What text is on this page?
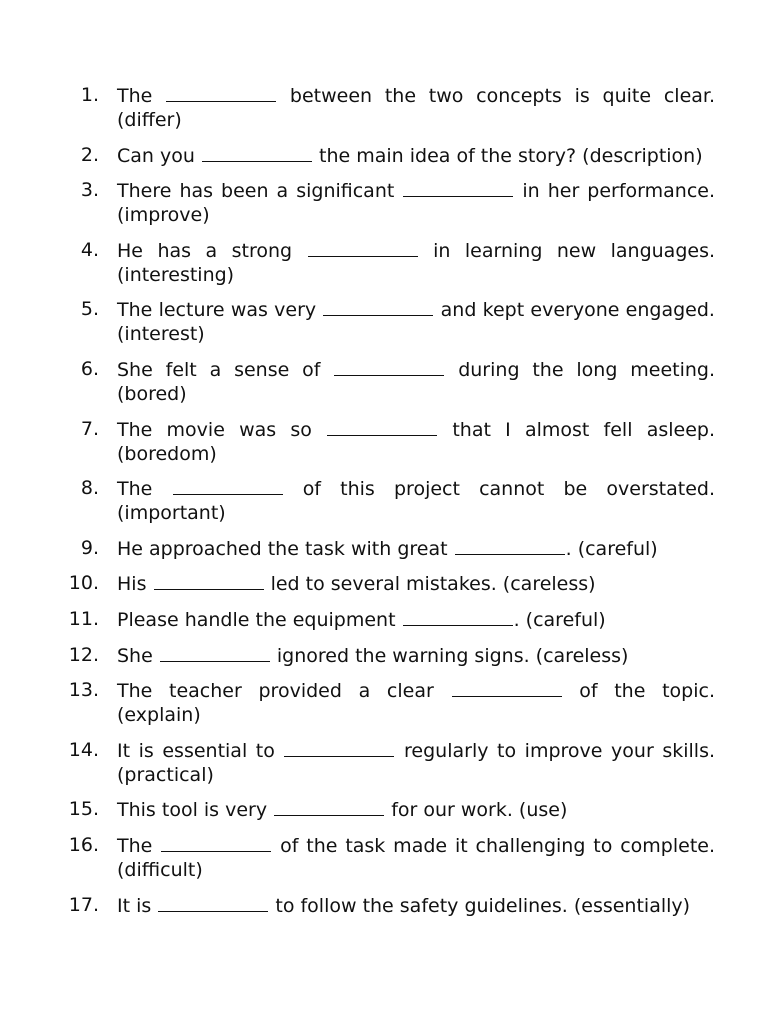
1. The	between the two concepts is quite clear. (differ)
2. Can you	the main idea of the story? (description)
3. There has been a significant	in her performance. (improve)
4. He has a strong	in learning new languages. (interesting)
5. The lecture was very	and kept everyone engaged. (interest)
6. She felt a sense of	during the long meeting. (bored)
7. The movie was so	that I almost fell asleep. (boredom)
8. The	of this project cannot be overstated. (important)
9. He approached the task with great	. (careful)
10. His	led to several mistakes. (careless)
11. Please handle the equipment	. (careful)
12. She	ignored the warning signs. (careless)
13. The teacher provided a clear	of the topic. (explain)
14. It is essential to	regularly to improve your skills. (practical)
15. This tool is very	for our work. (use)
16. The	of the task made it challenging to complete. (difficult)
17. It is	to follow the safety guidelines. (essentially)
